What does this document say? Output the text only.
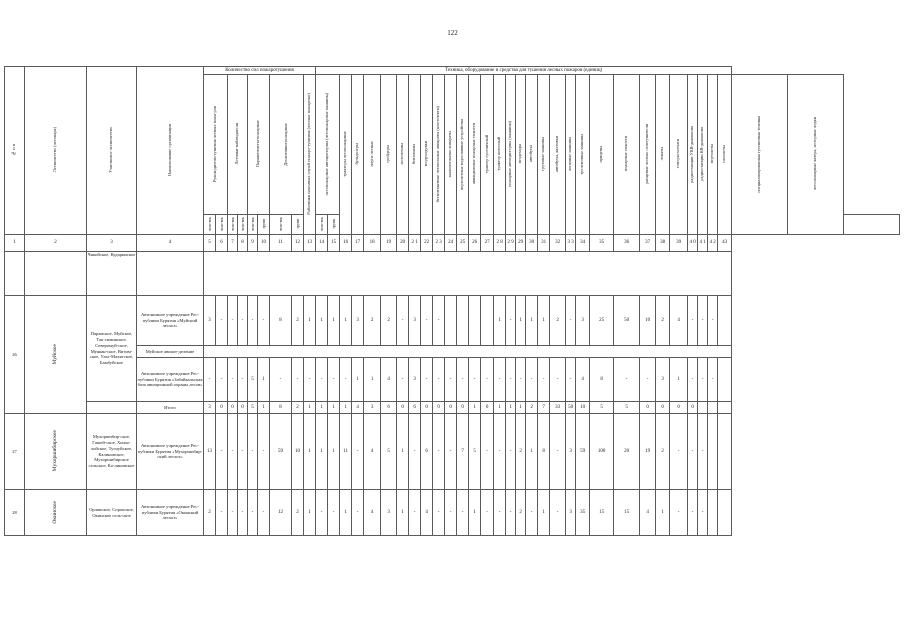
122
№ п п	Лесничество (лесопарк)	Участковое лесничество	Наименование организации	Количество сил пожаротушения									Техника, оборудование и средства для тушения лесных пожаров (единиц)																																	
				Руководители тушения лесных пожа-ров		Летчики-наблюдатели		Парашютисты-пожарные		Десантники-пожарные		Работники наземных служб пожаро-тушения (лесные пожарные)	лесопожарные автоцистерны (лесопожарные машины)		тракторы лесопожарные	бульдозеры	плуги лесные	грейдеры	мотопомпы	бензопилы	воздуходувки	бесконтактные летательные аппараты (ком-плекты)	зажигательные аппараты	вертолетные водосливные устройства	авиационные пожарные емкости	трактор гусеничный	трактор колесный	пожарные автоцистерны (машины)	вездеходы	автобусы	грузовые машины	автобусы, вахтовки	легковые машины	трелевочные машины	прицепы	пожарные емкости	ранцевые лесные огнетушители	лопаты	топоры-мотыги	радиостанции УКВ-диапазона	радиостанции КВ-диапазона	вертолеты	самолеты	специализированная гусеничная техника	лесопожарные катера, моторные лодки	
				чело-век	чело-век	чело-век	чело-век	чело-век	групп	чело-век	групп		чело-век	групп																																
1	2	3	4	5	6	7	8	9	10	11	12	13	14	15	16	17	18	19	20	2 1	22	2 3	24	25	26	27	2 8	2 9	29	30	31	32	3 3	34	35	36	37	38	39	4 0	4 1	4 2	43			
		Чикойское, Кударинское																																												
26	Муйское	Парамское, Муйское, Так-симинское, Северомуй-ское, Муякан-ское, Витим-ское, Ульт-Малятское, Бамбуйское	Автономное учреждение Рес-публики Бурятия «Муйский лесхоз»	3	-	-	-	-	-	8	2	1	1	1	1	3	2	2	-	3	-	-					1	-	1	1	1	2	-	3	25	50	10	2	4	-	-	-				
			Муйское авиаот-деление																																											
			Автономное учреждение Рес-публики Бурятия «Забайкальская база авиационной охраны лесов»	-	-	-	-	5	1	-	-	-	-	-	-	1	1	4	-	3	-	-	-	-	-	-	-	-	-	-	-	-	-	4	8	-	-	3	1	-	-	-				
			Итого	3	0	0	0	5	1	8	2	1	1	1	1	4	3	6	0	6	0	0	0	0	1	0	1	1	1	2	7	33	50	10	5	5	0	0	0	0						
27	Мухоршибирское	Мухоршибир-ское, Гашей-ское, Хонхо-лойское, Тугнуйское, Калиновское, Мухоршибирское сельское, Ка-линовское	Автономное учреждение Рес-публики Бурятия «Мухоршибир-ский лесхоз»	13	-	-	-	-	-	59	10	1	1	1	11	-	4	5	1	-	6	-	-	7	5	-	-	-	2	1	8	-	3	59	100	20	19	2	-	-	-					
28	Окинское	Орликское, Сорокское, Окинское сель-ское	Автономное учреждение Рес-публики Бурятия «Окинский лесхоз»	2	-	-	-	-	-	12	2	1	-	-	1	-	4	3	1	-	4	-	-	-	1	-	-	-	2	-	1	-	3	35	15	15	4	1	-	-	-					
